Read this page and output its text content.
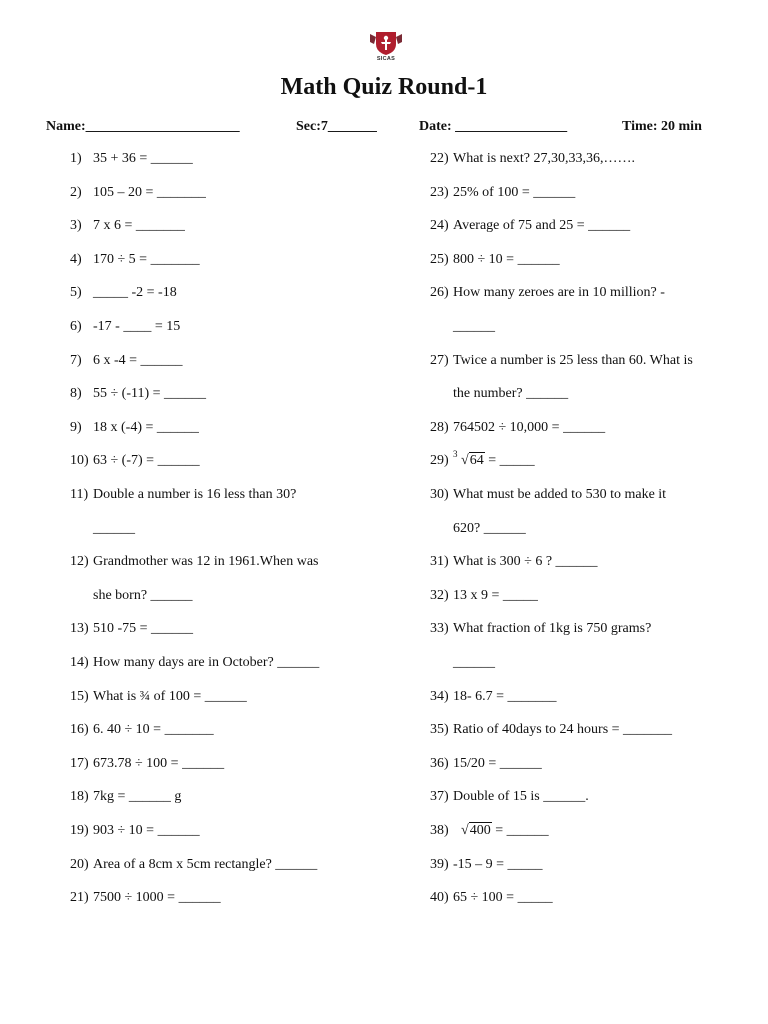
SICAS
Math Quiz Round-1
Name:______________________	Sec:7_______	Date: ________________	Time: 20 min
1) 35 + 36 = ______
2) 105 – 20 = _______
3) 7 x 6 = _______
4) 170 ÷ 5 = _______
5) _____ -2 = -18
6) -17 - ____ = 15
7) 6 x -4 = ______
8) 55 ÷ (-11) = ______
9) 18 x (-4) = ______
10) 63 ÷ (-7) = ______
11) Double a number is 16 less than 30?
______
12) Grandmother was 12 in 1961.When was
she born? ______
13) 510 -75 = ______
14) How many days are in October? ______
15) What is ¾ of 100 = ______
16) 6. 40 ÷ 10 = _______
17) 673.78 ÷ 100 = ______
18) 7kg = ______ g
19) 903 ÷ 10 = ______
20) Area of a 8cm x 5cm rectangle? ______
21) 7500 ÷ 1000 = ______
22) What is next? 27,30,33,36,…….
23) 25% of 100 = ______
24) Average of 75 and 25 = ______
25) 800 ÷ 10 = ______
26) How many zeroes are in 10 million? -
______
27) Twice a number is 25 less than 60. What is
the number? ______
28) 764502 ÷ 10,000 = ______
29) 3 √64 = _____
30) What must be added to 530 to make it
620? ______
31) What is 300 ÷ 6 ? ______
32) 13 x 9 = _____
33) What fraction of 1kg is 750 grams?
______
34) 18- 6.7 = _______
35) Ratio of 40days to 24 hours = _______
36) 15/20 = ______
37) Double of 15 is ______.
38) √400 = ______
39) -15 – 9 = _____
40) 65 ÷ 100 = _____
